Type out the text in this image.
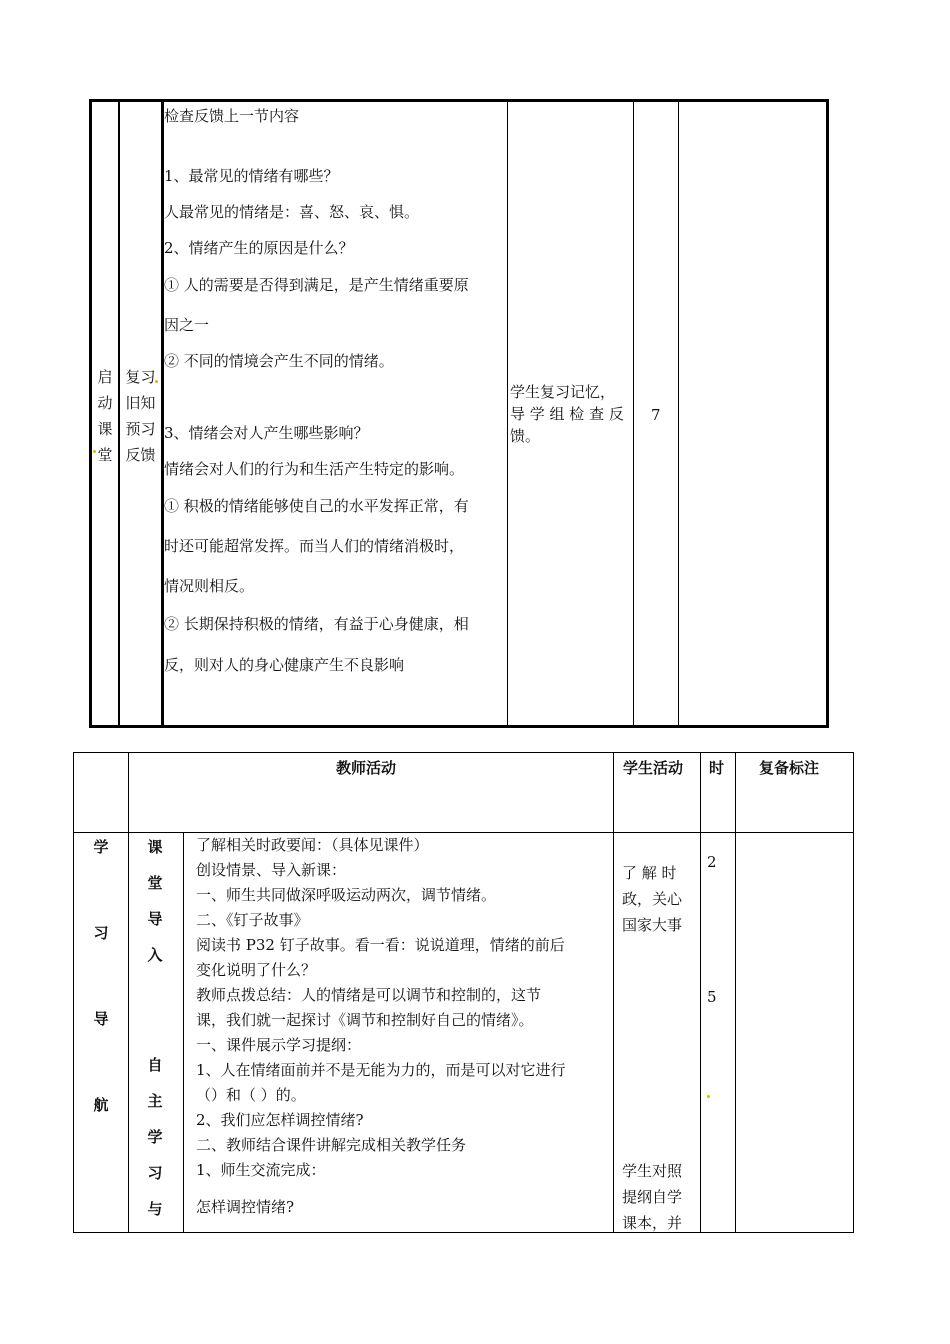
启
动
课
堂
复习
旧知
预习
反馈
检查反馈上一节内容
1、最常见的情绪有哪些？
人最常见的情绪是：喜、怒、哀、惧。
2、情绪产生的原因是什么？
① 人的需要是否得到满足，是产生情绪重要原
因之一
② 不同的情境会产生不同的情绪。
3、情绪会对人产生哪些影响？
情绪会对人们的行为和生活产生特定的影响。
① 积极的情绪能够使自己的水平发挥正常，有
时还可能超常发挥。而当人们的情绪消极时，
情况则相反。
② 长期保持积极的情绪，有益于心身健康，相
反，则对人的身心健康产生不良影响
学生复习记忆，
导 学 组 检 查 反
馈。
7
教师活动	学生活动 时 复备标注
学
习
导
航
课
堂
导
入
自
主
学
习
与
了解相关时政要闻：（具体见课件）
创设情景、导入新课：
一、师生共同做深呼吸运动两次，调节情绪。
二、《钉子故事》
阅读书 P32 钉子故事。看一看：说说道理，情绪的前后
变化说明了什么？
教师点拨总结：人的情绪是可以调节和控制的，这节
课，我们就一起探讨《调节和控制好自己的情绪》。
一、课件展示学习提纲：
1、人在情绪面前并不是无能为力的，而是可以对它进行
（）和（ ）的。
2、我们应怎样调控情绪?
二、教师结合课件讲解完成相关教学任务
1、师生交流完成：
怎样调控情绪?
了 解 时
政，关心
国家大事
学生对照
提纲自学
课本，并
2
5
